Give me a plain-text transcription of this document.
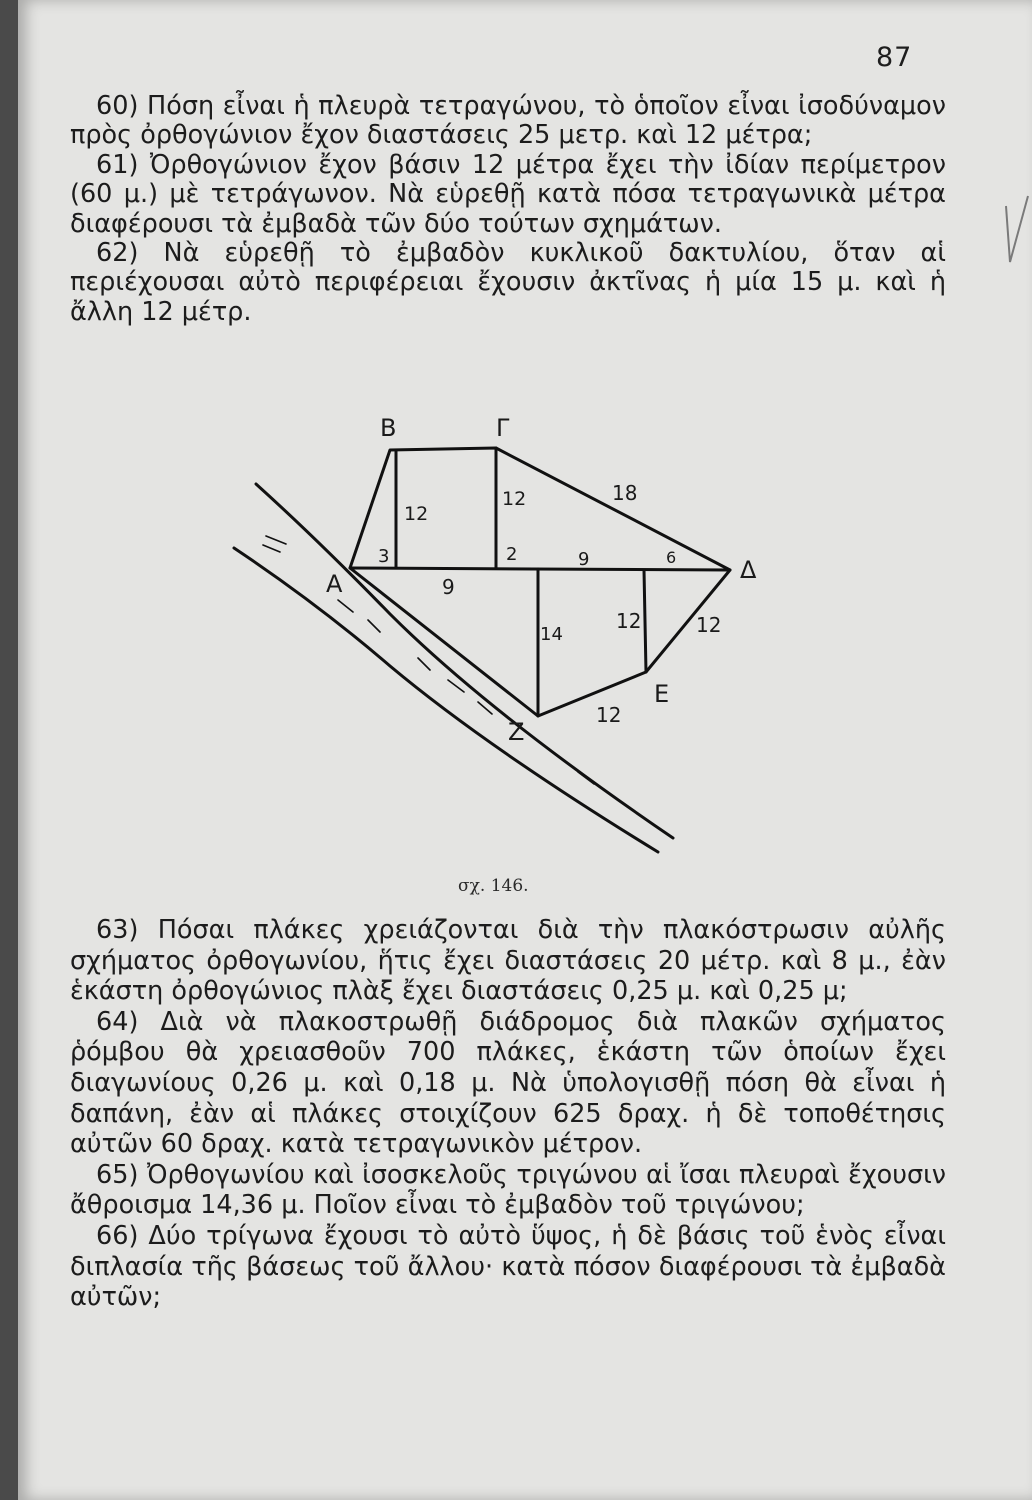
87

60) Πόση εἶναι ἡ πλευρὰ τετραγώνου, τὸ ὁποῖον εἶναι ἰσοδύναμον πρὸς ὀρθογώνιον ἔχον διαστάσεις 25 μετρ. καὶ 12 μέτρα;

61) Ὀρθογώνιον ἔχον βάσιν 12 μέτρα ἔχει τὴν ἰδίαν περίμετρον (60 μ.) μὲ τετράγωνον. Νὰ εὑρεθῇ κατὰ πόσα τετραγωνικὰ μέτρα διαφέρουσι τὰ ἐμβαδὰ τῶν δύο τούτων σχημάτων.

62) Νὰ εὑρεθῇ τὸ ἐμβαδὸν κυκλικοῦ δακτυλίου, ὅταν αἱ περιέχουσαι αὐτὸ περιφέρειαι ἔχουσιν ἀκτῖνας ἡ μία 15 μ. καὶ ἡ ἄλλη 12 μέτρ.

B	Γ
A	Δ
E
Z
12
12	18
3	2	9	6
9
14
12	12
12
σχ. 146.

63) Πόσαι πλάκες χρειάζονται διὰ τὴν πλακόστρωσιν αὐλῆς σχήματος ὀρθογωνίου, ἥτις ἔχει διαστάσεις 20 μέτρ. καὶ 8 μ., ἐὰν ἑκάστη ὀρθογώνιος πλὰξ ἔχει διαστάσεις 0,25 μ. καὶ 0,25 μ;

64) Διὰ νὰ πλακοστρωθῇ διάδρομος διὰ πλακῶν σχήματος ῥόμβου θὰ χρειασθοῦν 700 πλάκες, ἑκάστη τῶν ὁποίων ἔχει διαγωνίους 0,26 μ. καὶ 0,18 μ. Νὰ ὑπολογισθῇ πόση θὰ εἶναι ἡ δαπάνη, ἐὰν αἱ πλάκες στοιχίζουν 625 δραχ. ἡ δὲ τοποθέτησις αὐτῶν 60 δραχ. κατὰ τετραγωνικὸν μέτρον.

65) Ὀρθογωνίου καὶ ἰσοσκελοῦς τριγώνου αἱ ἴσαι πλευραὶ ἔχουσιν ἄθροισμα 14,36 μ. Ποῖον εἶναι τὸ ἐμβαδὸν τοῦ τριγώνου;

66) Δύο τρίγωνα ἔχουσι τὸ αὐτὸ ὕψος, ἡ δὲ βάσις τοῦ ἑνὸς εἶναι διπλασία τῆς βάσεως τοῦ ἄλλου· κατὰ πόσον διαφέρουσι τὰ ἐμβαδὰ αὐτῶν;
